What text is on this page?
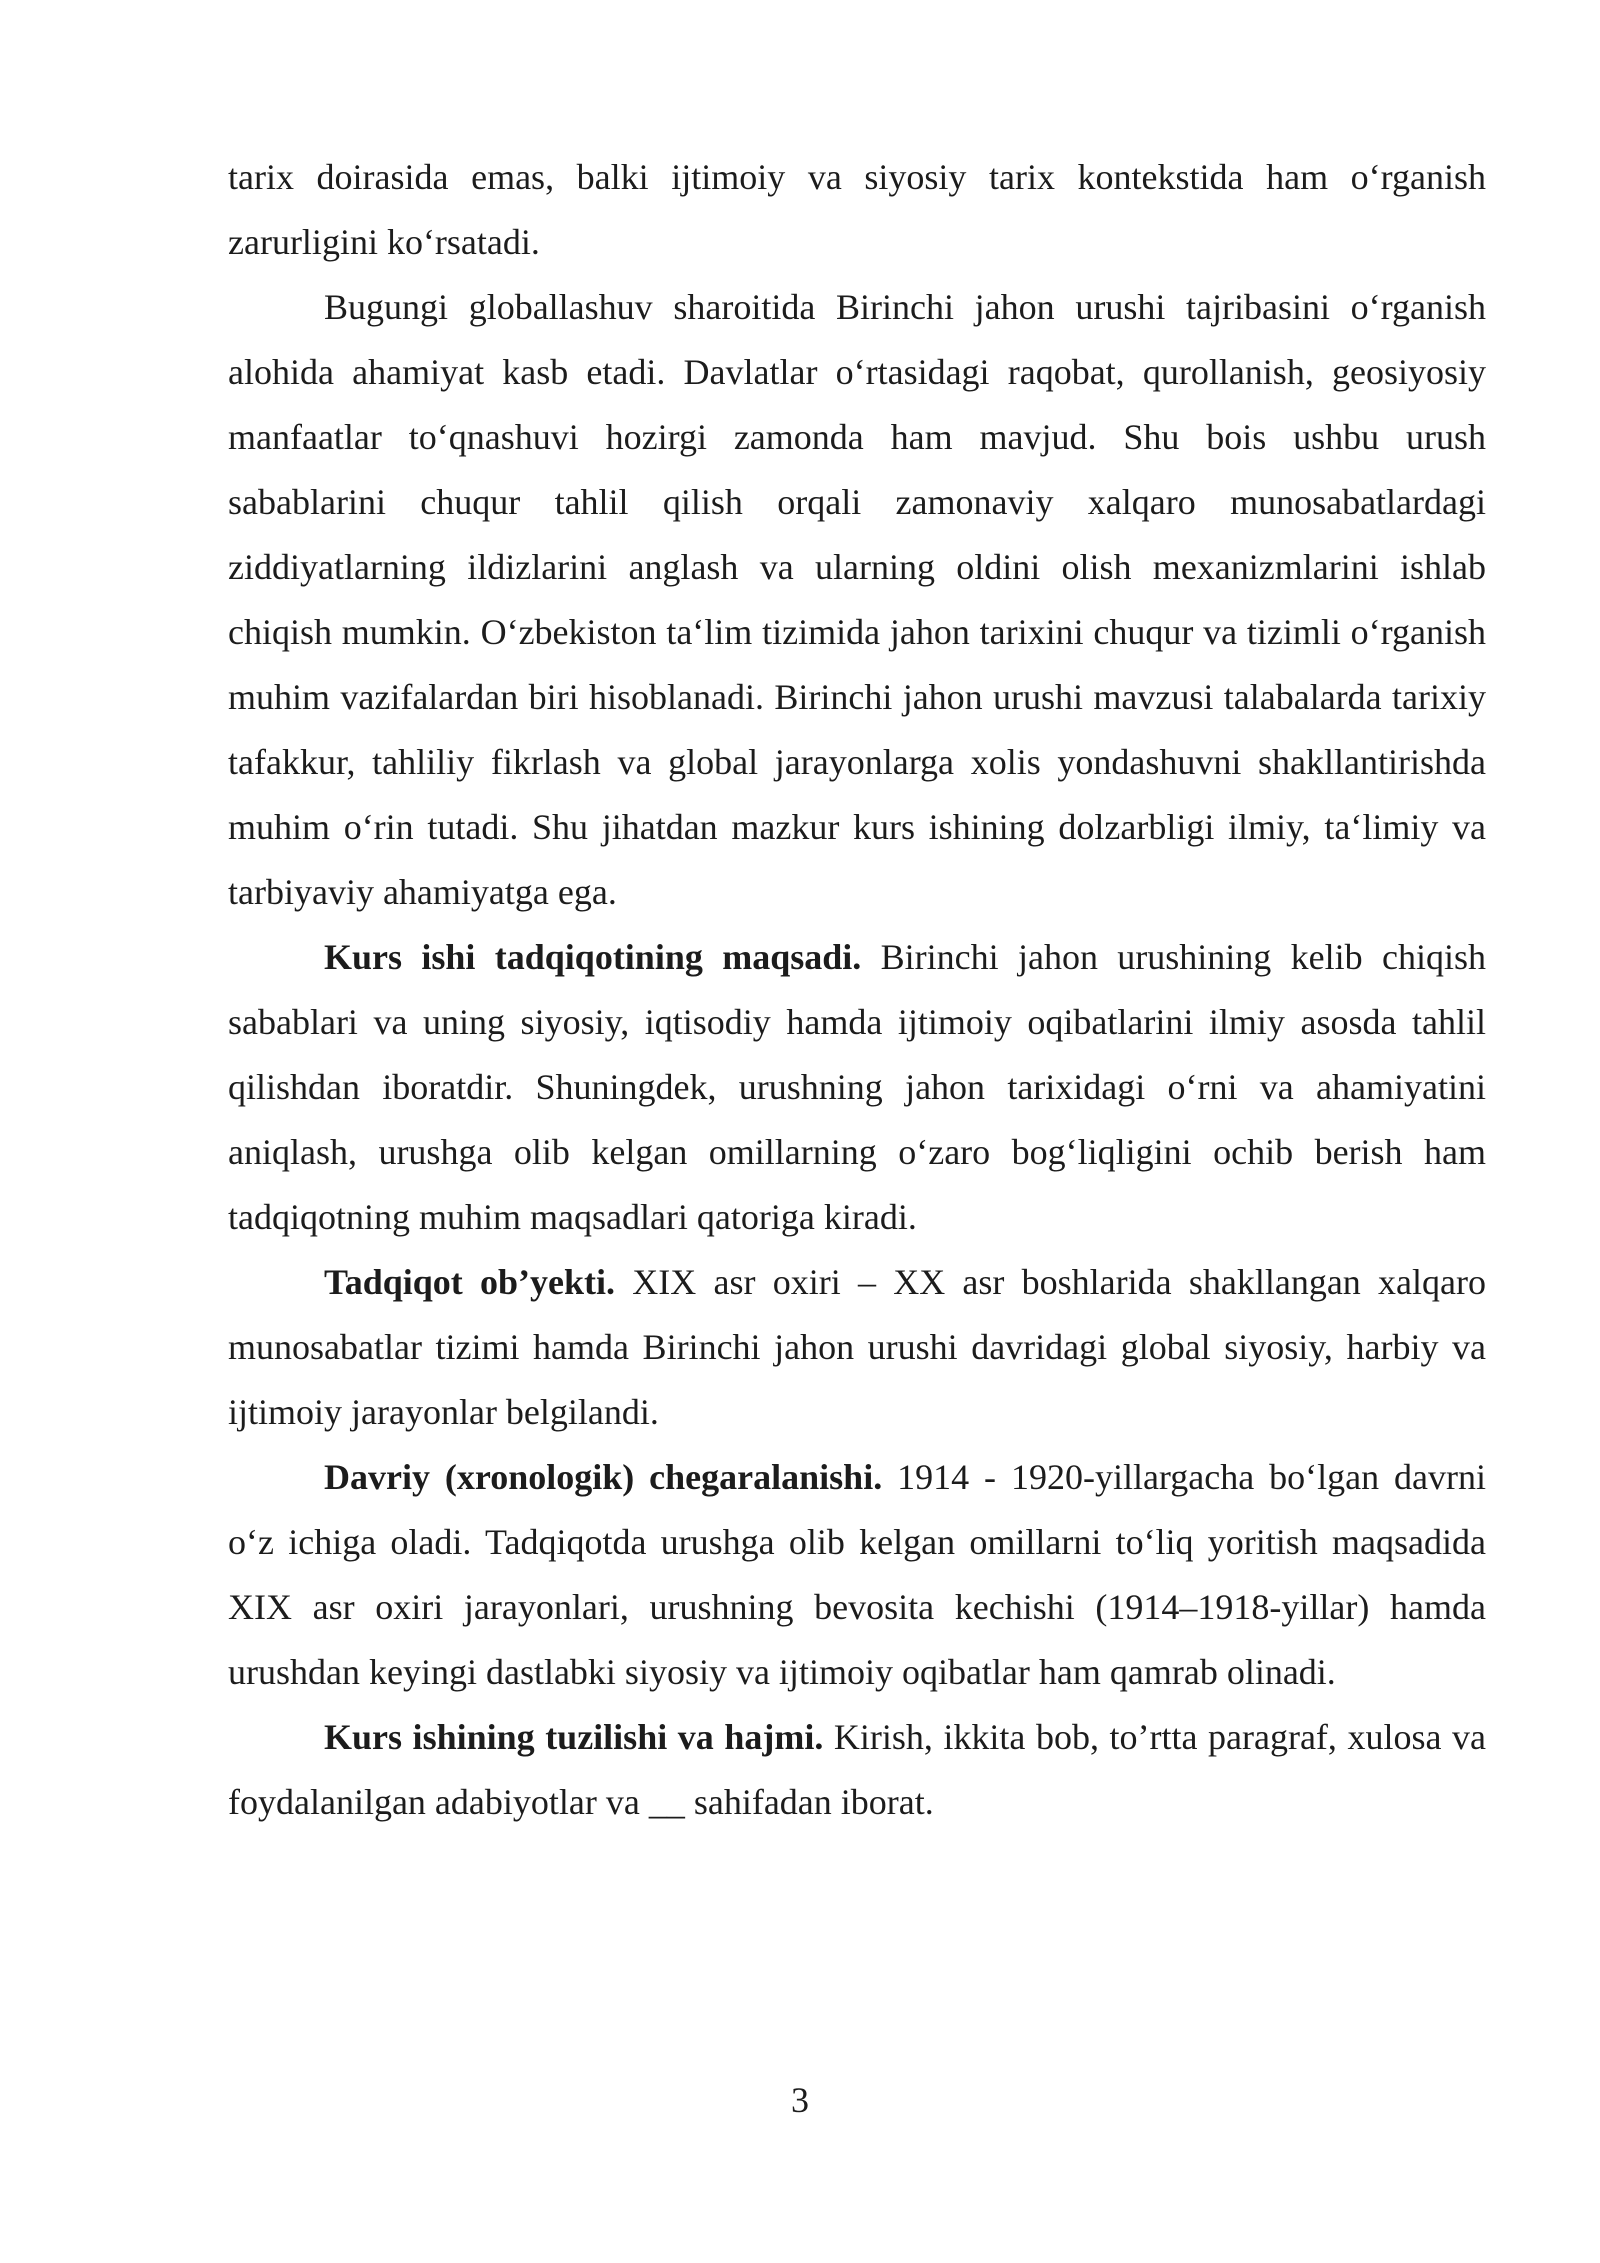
tarix doirasida emas, balki ijtimoiy va siyosiy tarix kontekstida ham o‘rganish zarurligini ko‘rsatadi.

Bugungi globallashuv sharoitida Birinchi jahon urushi tajribasini o‘rganish alohida ahamiyat kasb etadi. Davlatlar o‘rtasidagi raqobat, qurollanish, geosiyosiy manfaatlar to‘qnashuvi hozirgi zamonda ham mavjud. Shu bois ushbu urush sabablarini chuqur tahlil qilish orqali zamonaviy xalqaro munosabatlardagi ziddiyatlarning ildizlarini anglash va ularning oldini olish mexanizmlarini ishlab chiqish mumkin. O‘zbekiston ta‘lim tizimida jahon tarixini chuqur va tizimli o‘rganish muhim vazifalardan biri hisoblanadi. Birinchi jahon urushi mavzusi talabalarda tarixiy tafakkur, tahliliy fikrlash va global jarayonlarga xolis yondashuvni shakllantirishda muhim o‘rin tutadi. Shu jihatdan mazkur kurs ishining dolzarbligi ilmiy, ta‘limiy va tarbiyaviy ahamiyatga ega.

Kurs ishi tadqiqotining maqsadi. Birinchi jahon urushining kelib chiqish sabablari va uning siyosiy, iqtisodiy hamda ijtimoiy oqibatlarini ilmiy asosda tahlil qilishdan iboratdir. Shuningdek, urushning jahon tarixidagi o‘rni va ahamiyatini aniqlash, urushga olib kelgan omillarning o‘zaro bog‘liqligini ochib berish ham tadqiqotning muhim maqsadlari qatoriga kiradi.

Tadqiqot ob’yekti. XIX asr oxiri – XX asr boshlarida shakllangan xalqaro munosabatlar tizimi hamda Birinchi jahon urushi davridagi global siyosiy, harbiy va ijtimoiy jarayonlar belgilandi.

Davriy (xronologik) chegaralanishi. 1914 - 1920-yillargacha bo‘lgan davrni o‘z ichiga oladi. Tadqiqotda urushga olib kelgan omillarni to‘liq yoritish maqsadida XIX asr oxiri jarayonlari, urushning bevosita kechishi (1914–1918-yillar) hamda urushdan keyingi dastlabki siyosiy va ijtimoiy oqibatlar ham qamrab olinadi.

Kurs ishining tuzilishi va hajmi. Kirish, ikkita bob, to’rtta paragraf, xulosa va foydalanilgan adabiyotlar va __ sahifadan iborat.

3
